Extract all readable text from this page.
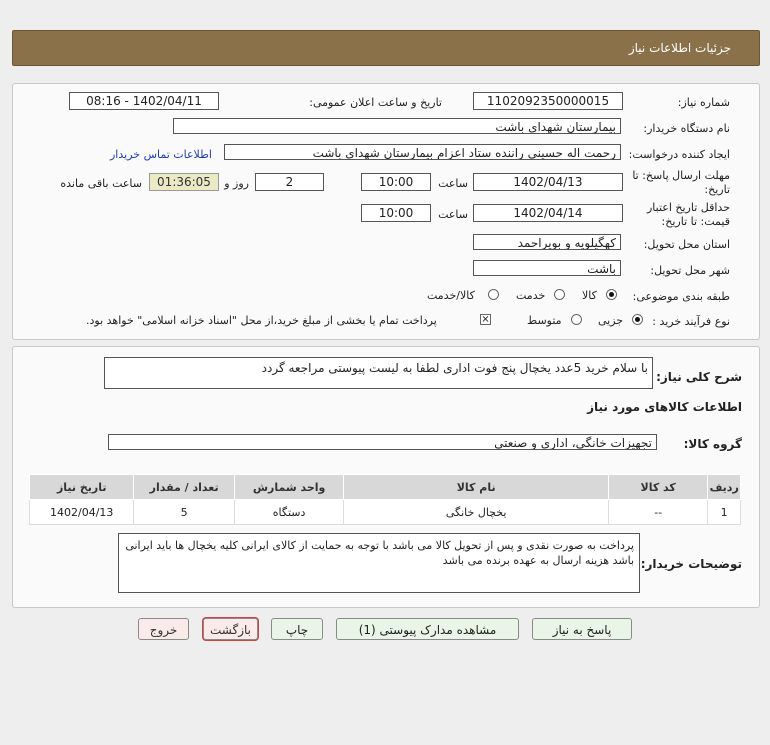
جزئیات اطلاعات نیاز
شماره نیاز:
1102092350000015
تاریخ و ساعت اعلان عمومی:
1402/04/11 - 08:16
نام دستگاه خریدار:
بیمارستان شهدای باشت
ایجاد کننده درخواست:
رحمت اله حسینی راننده ستاد اعزام بیمارستان شهدای باشت
اطلاعات تماس خریدار
مهلت ارسال پاسخ: تا
تاریخ:
1402/04/13
ساعت
10:00
2
روز و
01:36:05
ساعت باقی مانده
حداقل تاریخ اعتبار
قیمت: تا تاریخ:
1402/04/14
ساعت
10:00
استان محل تحویل:
کهگیلویه و بویراحمد
شهر محل تحویل:
باشت
طبقه بندی موضوعی:
کالا
خدمت
کالا/خدمت
نوع فرآیند خرید :
جزیی
متوسط
⨯
پرداخت تمام یا بخشی از مبلغ خرید،از محل "اسناد خزانه اسلامی" خواهد بود.
شرح کلی نیاز:
با سلام خرید 5عدد یخچال پنج فوت اداری لطفا به لیست پیوستی مراجعه گردد
اطلاعات کالاهای مورد نیاز
گروه کالا:
تجهیزات خانگی، اداری و صنعتی
ردیف	کد کالا	نام کالا	واحد شمارش	تعداد / مقدار	تاریخ نیاز
1	--	یخچال خانگی	دستگاه	5	1402/04/13
توضیحات خریدار:
پرداخت به صورت نقدی و پس از تحویل کالا می باشد با توجه به حمایت از کالای ایرانی کلیه یخچال ها باید ایرانی باشد هزینه ارسال به عهده برنده می باشد
پاسخ به نیاز
مشاهده مدارک پیوستی (1)
چاپ
بازگشت
خروج
